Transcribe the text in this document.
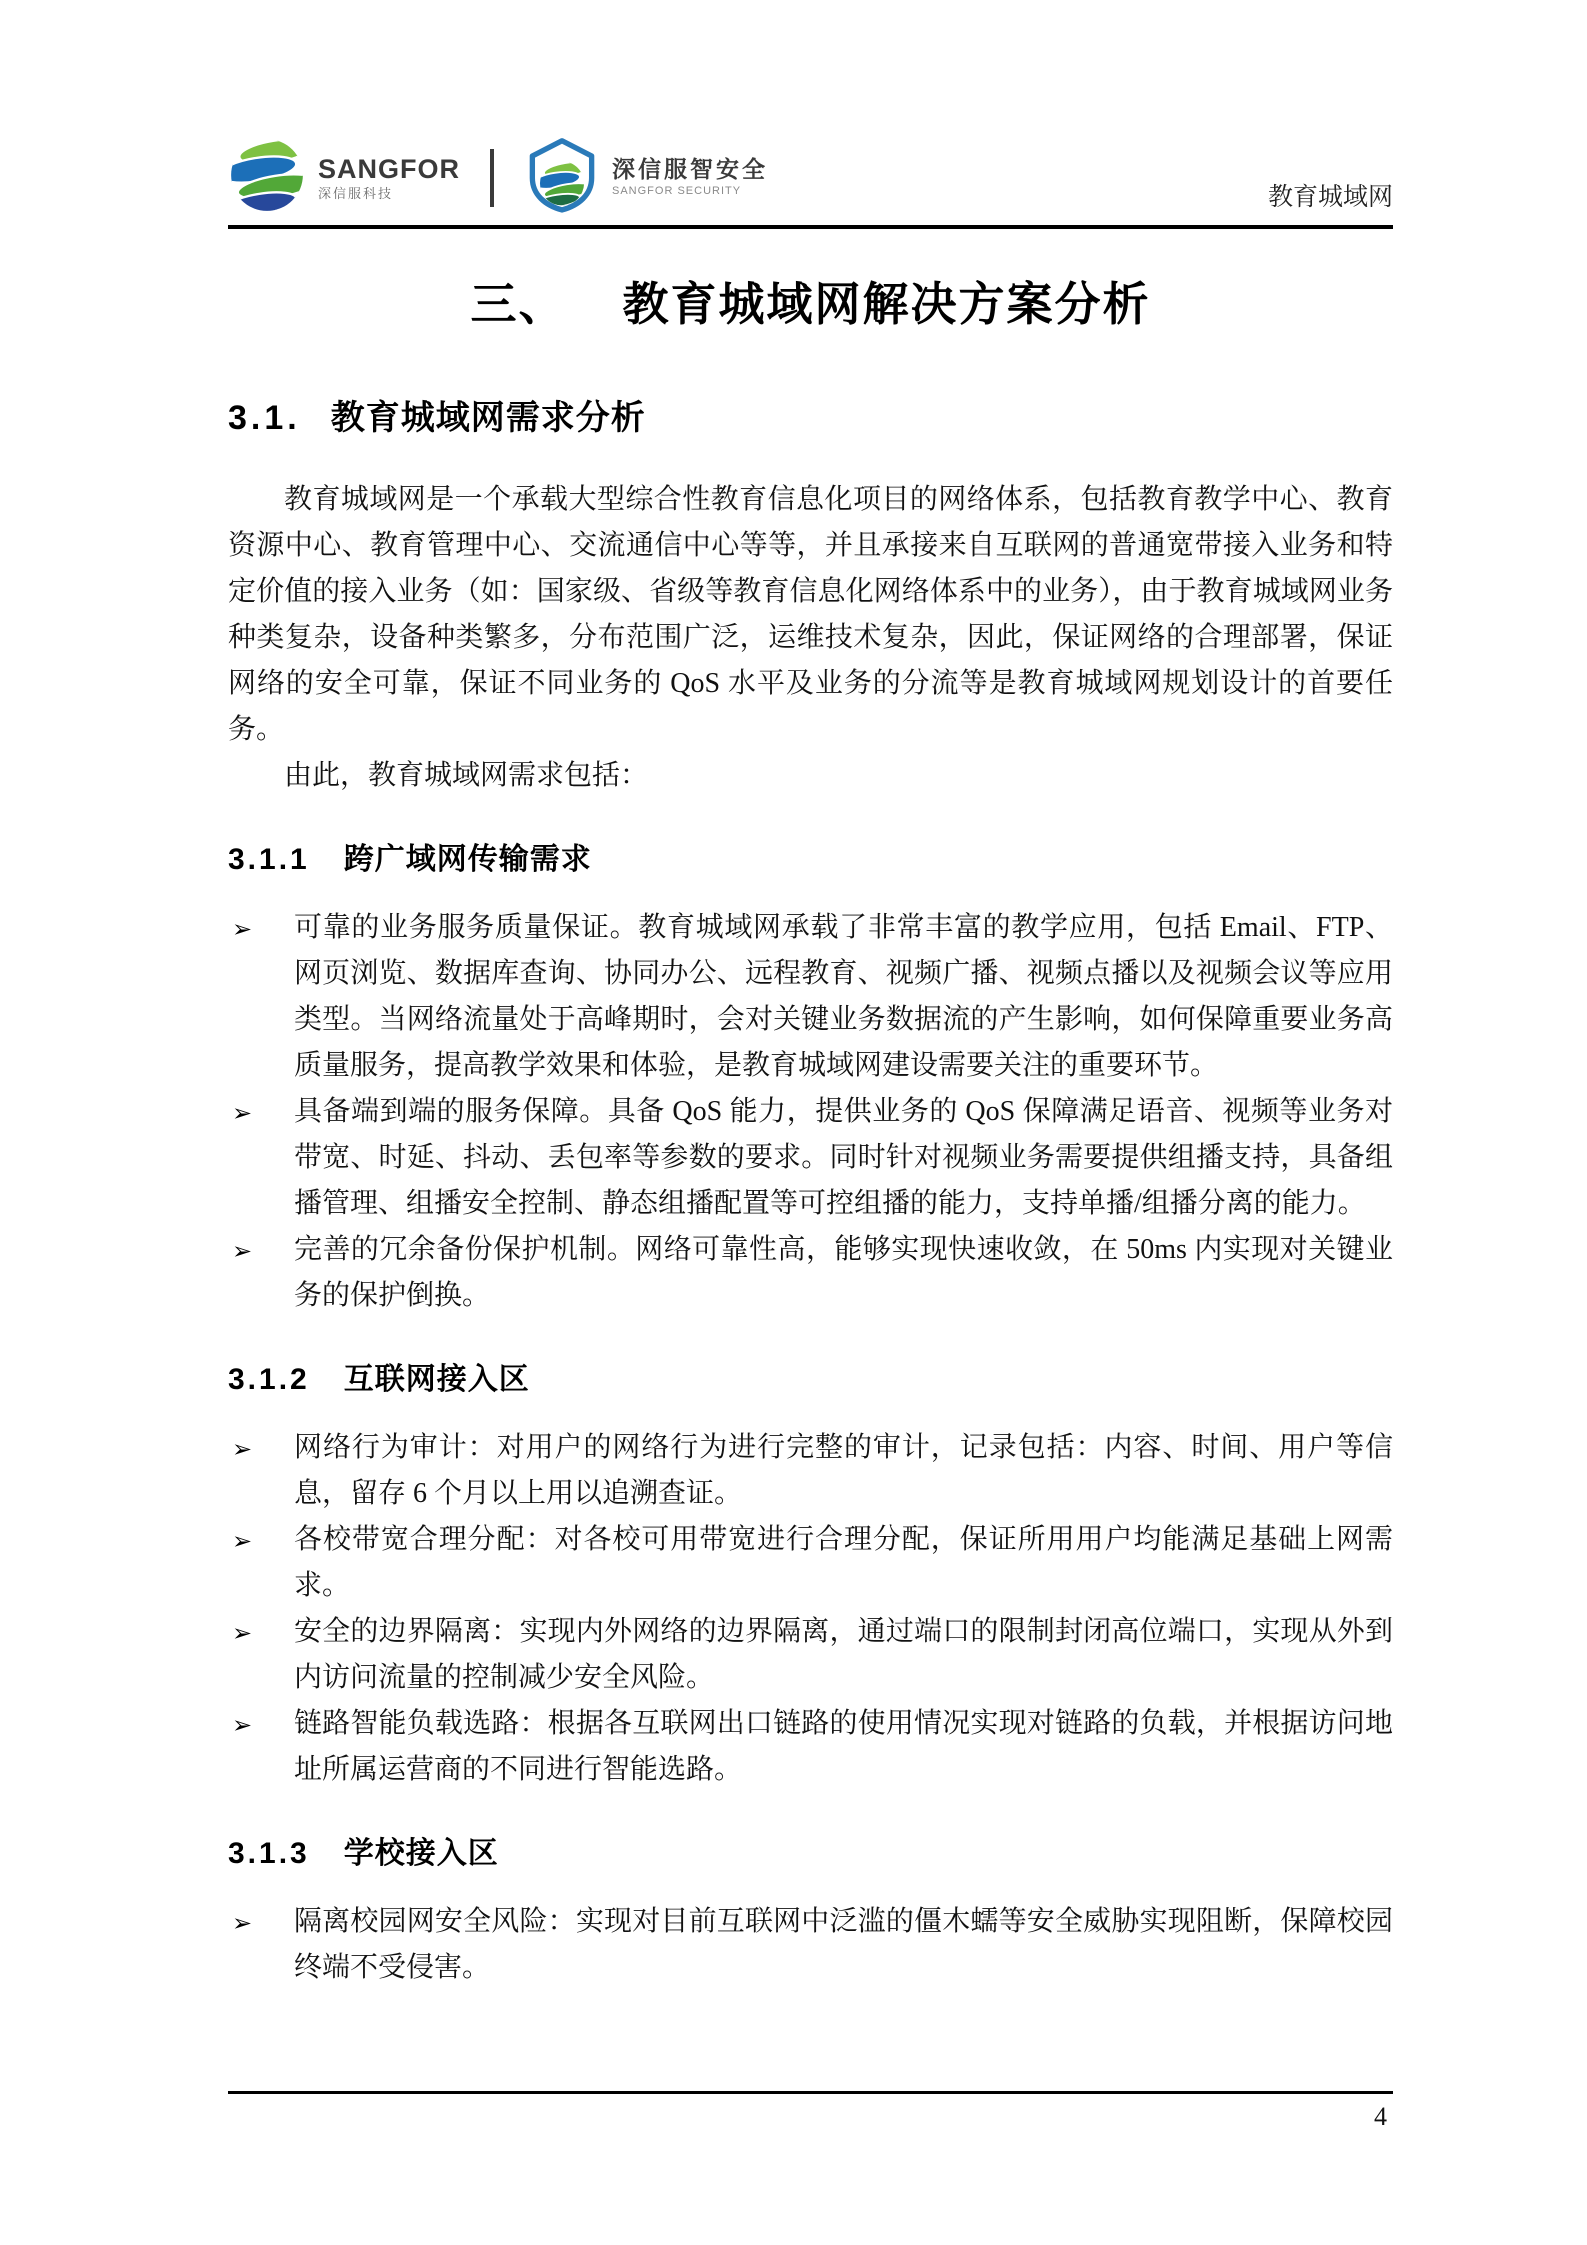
SANGFOR
深信服科技
深信服智安全
SANGFOR SECURITY	教育城域网
三、 教育城域网解决方案分析
3.1. 教育城域网需求分析

教育城域网是一个承载大型综合性教育信息化项目的网络体系，包括教育教学中心、教育资源中心、教育管理中心、交流通信中心等等，并且承接来自互联网的普通宽带接入业务和特定价值的接入业务（如：国家级、省级等教育信息化网络体系中的业务），由于教育城域网业务种类复杂，设备种类繁多，分布范围广泛，运维技术复杂，因此，保证网络的合理部署，保证网络的安全可靠，保证不同业务的 QoS 水平及业务的分流等是教育城域网规划设计的首要任务。

由此，教育城域网需求包括：

3.1.1 跨广域网传输需求
➢ 可靠的业务服务质量保证。教育城域网承载了非常丰富的教学应用，包括 Email、FTP、网页浏览、数据库查询、协同办公、远程教育、视频广播、视频点播以及视频会议等应用类型。当网络流量处于高峰期时，会对关键业务数据流的产生影响，如何保障重要业务高质量服务，提高教学效果和体验，是教育城域网建设需要关注的重要环节。
➢ 具备端到端的服务保障。具备 QoS 能力，提供业务的 QoS 保障满足语音、视频等业务对带宽、时延、抖动、丢包率等参数的要求。同时针对视频业务需要提供组播支持，具备组播管理、组播安全控制、静态组播配置等可控组播的能力，支持单播/组播分离的能力。
➢ 完善的冗余备份保护机制。网络可靠性高，能够实现快速收敛，在 50ms 内实现对关键业务的保护倒换。
3.1.2 互联网接入区
➢ 网络行为审计：对用户的网络行为进行完整的审计，记录包括：内容、时间、用户等信息，留存 6 个月以上用以追溯查证。
➢ 各校带宽合理分配：对各校可用带宽进行合理分配，保证所用用户均能满足基础上网需求。
➢ 安全的边界隔离：实现内外网络的边界隔离，通过端口的限制封闭高位端口，实现从外到内访问流量的控制减少安全风险。
➢ 链路智能负载选路：根据各互联网出口链路的使用情况实现对链路的负载，并根据访问地址所属运营商的不同进行智能选路。
3.1.3 学校接入区
➢ 隔离校园网安全风险：实现对目前互联网中泛滥的僵木蠕等安全威胁实现阻断，保障校园终端不受侵害。
4
